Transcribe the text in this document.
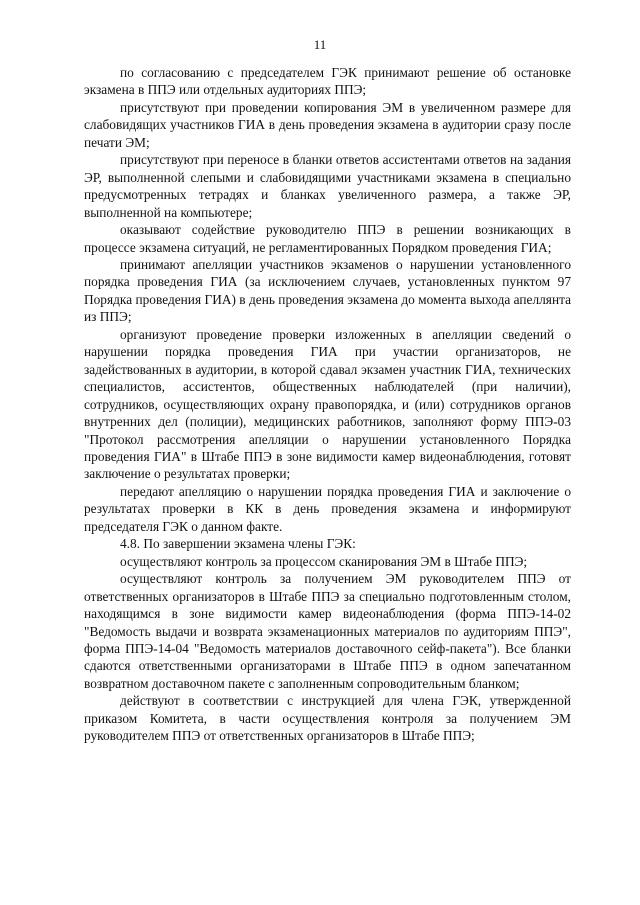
11

по согласованию с председателем ГЭК принимают решение об остановке экзамена в ППЭ или отдельных аудиториях ППЭ;

присутствуют при проведении копирования ЭМ в увеличенном размере для слабовидящих участников ГИА в день проведения экзамена в аудитории сразу после печати ЭМ;

присутствуют при переносе в бланки ответов ассистентами ответов на задания ЭР, выполненной слепыми и слабовидящими участниками экзамена в специально предусмотренных тетрадях и бланках увеличенного размера, а также ЭР, выполненной на компьютере;

оказывают содействие руководителю ППЭ в решении возникающих в процессе экзамена ситуаций, не регламентированных Порядком проведения ГИА;

принимают апелляции участников экзаменов о нарушении установленного порядка проведения ГИА (за исключением случаев, установленных пунктом 97 Порядка проведения ГИА) в день проведения экзамена до момента выхода апеллянта из ППЭ;

организуют проведение проверки изложенных в апелляции сведений о нарушении порядка проведения ГИА при участии организаторов, не задействованных в аудитории, в которой сдавал экзамен участник ГИА, технических специалистов, ассистентов, общественных наблюдателей (при наличии), сотрудников, осуществляющих охрану правопорядка, и (или) сотрудников органов внутренних дел (полиции), медицинских работников, заполняют форму ППЭ-03 "Протокол рассмотрения апелляции о нарушении установленного Порядка проведения ГИА" в Штабе ППЭ в зоне видимости камер видеонаблюдения, готовят заключение о результатах проверки;

передают апелляцию о нарушении порядка проведения ГИА и заключение о результатах проверки в КК в день проведения экзамена и информируют председателя ГЭК о данном факте.

4.8. По завершении экзамена члены ГЭК:

осуществляют контроль за процессом сканирования ЭМ в Штабе ППЭ;

осуществляют контроль за получением ЭМ руководителем ППЭ от ответственных организаторов в Штабе ППЭ за специально подготовленным столом, находящимся в зоне видимости камер видеонаблюдения (форма ППЭ-14-02 "Ведомость выдачи и возврата экзаменационных материалов по аудиториям ППЭ", форма ППЭ-14-04 "Ведомость материалов доставочного сейф-пакета"). Все бланки сдаются ответственными организаторами в Штабе ППЭ в одном запечатанном возвратном доставочном пакете с заполненным сопроводительным бланком;

действуют в соответствии с инструкцией для члена ГЭК, утвержденной приказом Комитета, в части осуществления контроля за получением ЭМ руководителем ППЭ от ответственных организаторов в Штабе ППЭ;
